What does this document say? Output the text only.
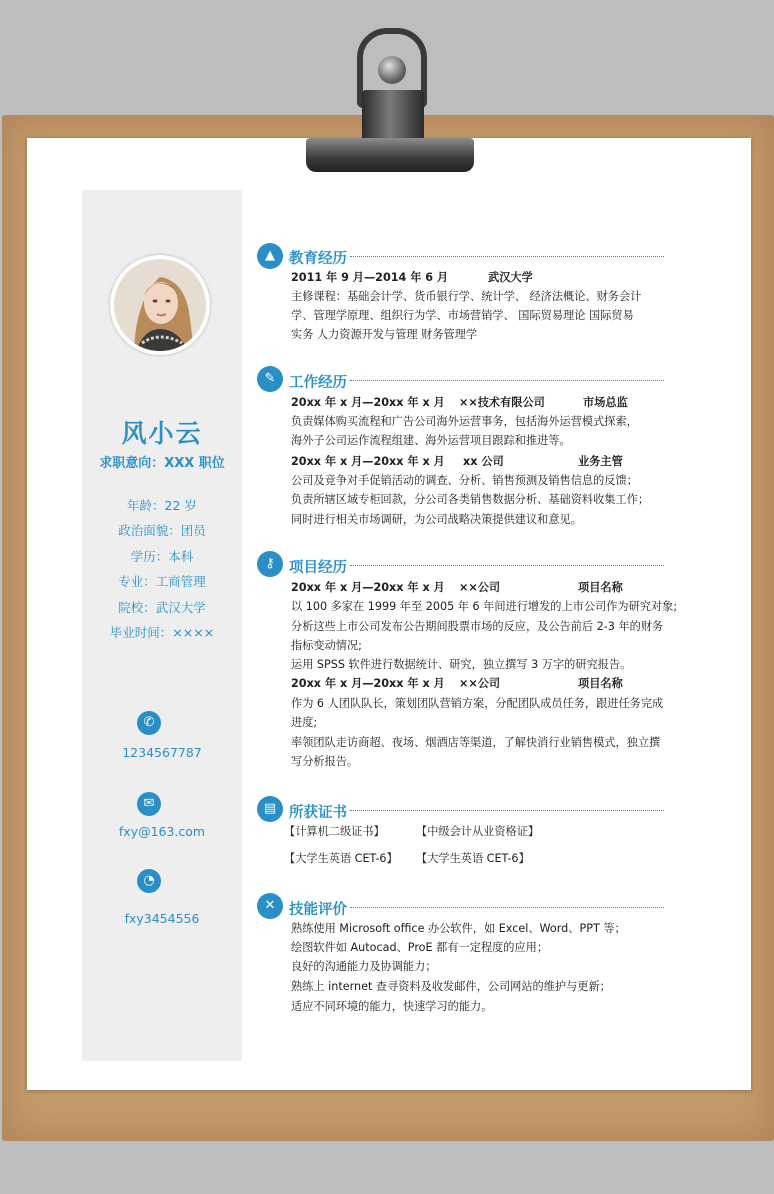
风小云
求职意向：XXX 职位
年龄：22 岁
政治面貌：团员
学历：本科
专业：工商管理
院校：武汉大学
毕业时间：××××
✆
1234567787
✉
fxy@163.com
◔
fxy3454556
▲ 教育经历
2011 年 9 月—2014 年 6 月	武汉大学
主修课程：基础会计学、货币银行学、统计学、 经济法概论、财务会计
学、管理学原理、组织行为学、市场营销学、 国际贸易理论 国际贸易
实务 人力资源开发与管理 财务管理学
✎ 工作经历
20xx 年 x 月—20xx 年 x 月 ××技术有限公司	市场总监
负责媒体购买流程和广告公司海外运营事务，包括海外运营模式探索，
海外子公司运作流程组建、海外运营项目跟踪和推进等。
20xx 年 x 月—20xx 年 x 月 xx 公司	业务主管
公司及竞争对手促销活动的调查、分析、销售预测及销售信息的反馈；
负责所辖区域专柜回款，分公司各类销售数据分析、基础资料收集工作；
同时进行相关市场调研，为公司战略决策提供建议和意见。
⚷ 项目经历
20xx 年 x 月—20xx 年 x 月 ××公司	项目名称
以 100 多家在 1999 年至 2005 年 6 年间进行增发的上市公司作为研究对象;
分析这些上市公司发布公告期间股票市场的反应，及公告前后 2-3 年的财务
指标变动情况;
运用 SPSS 软件进行数据统计、研究，独立撰写 3 万字的研究报告。
20xx 年 x 月—20xx 年 x 月 ××公司	项目名称
作为 6 人团队队长，策划团队营销方案，分配团队成员任务，跟进任务完成
进度;
率领团队走访商超、夜场、烟酒店等渠道，了解快消行业销售模式，独立撰
写分析报告。
▤ 所获证书
【计算机二级证书】	【中级会计从业资格证】
【大学生英语 CET-6】 【大学生英语 CET-6】
✕ 技能评价
熟练使用 Microsoft office 办公软件，如 Excel、Word、PPT 等；
绘图软件如 Autocad、ProE 都有一定程度的应用；
良好的沟通能力及协调能力；
熟练上 internet 查寻资料及收发邮件，公司网站的维护与更新；
适应不同环境的能力，快速学习的能力。
